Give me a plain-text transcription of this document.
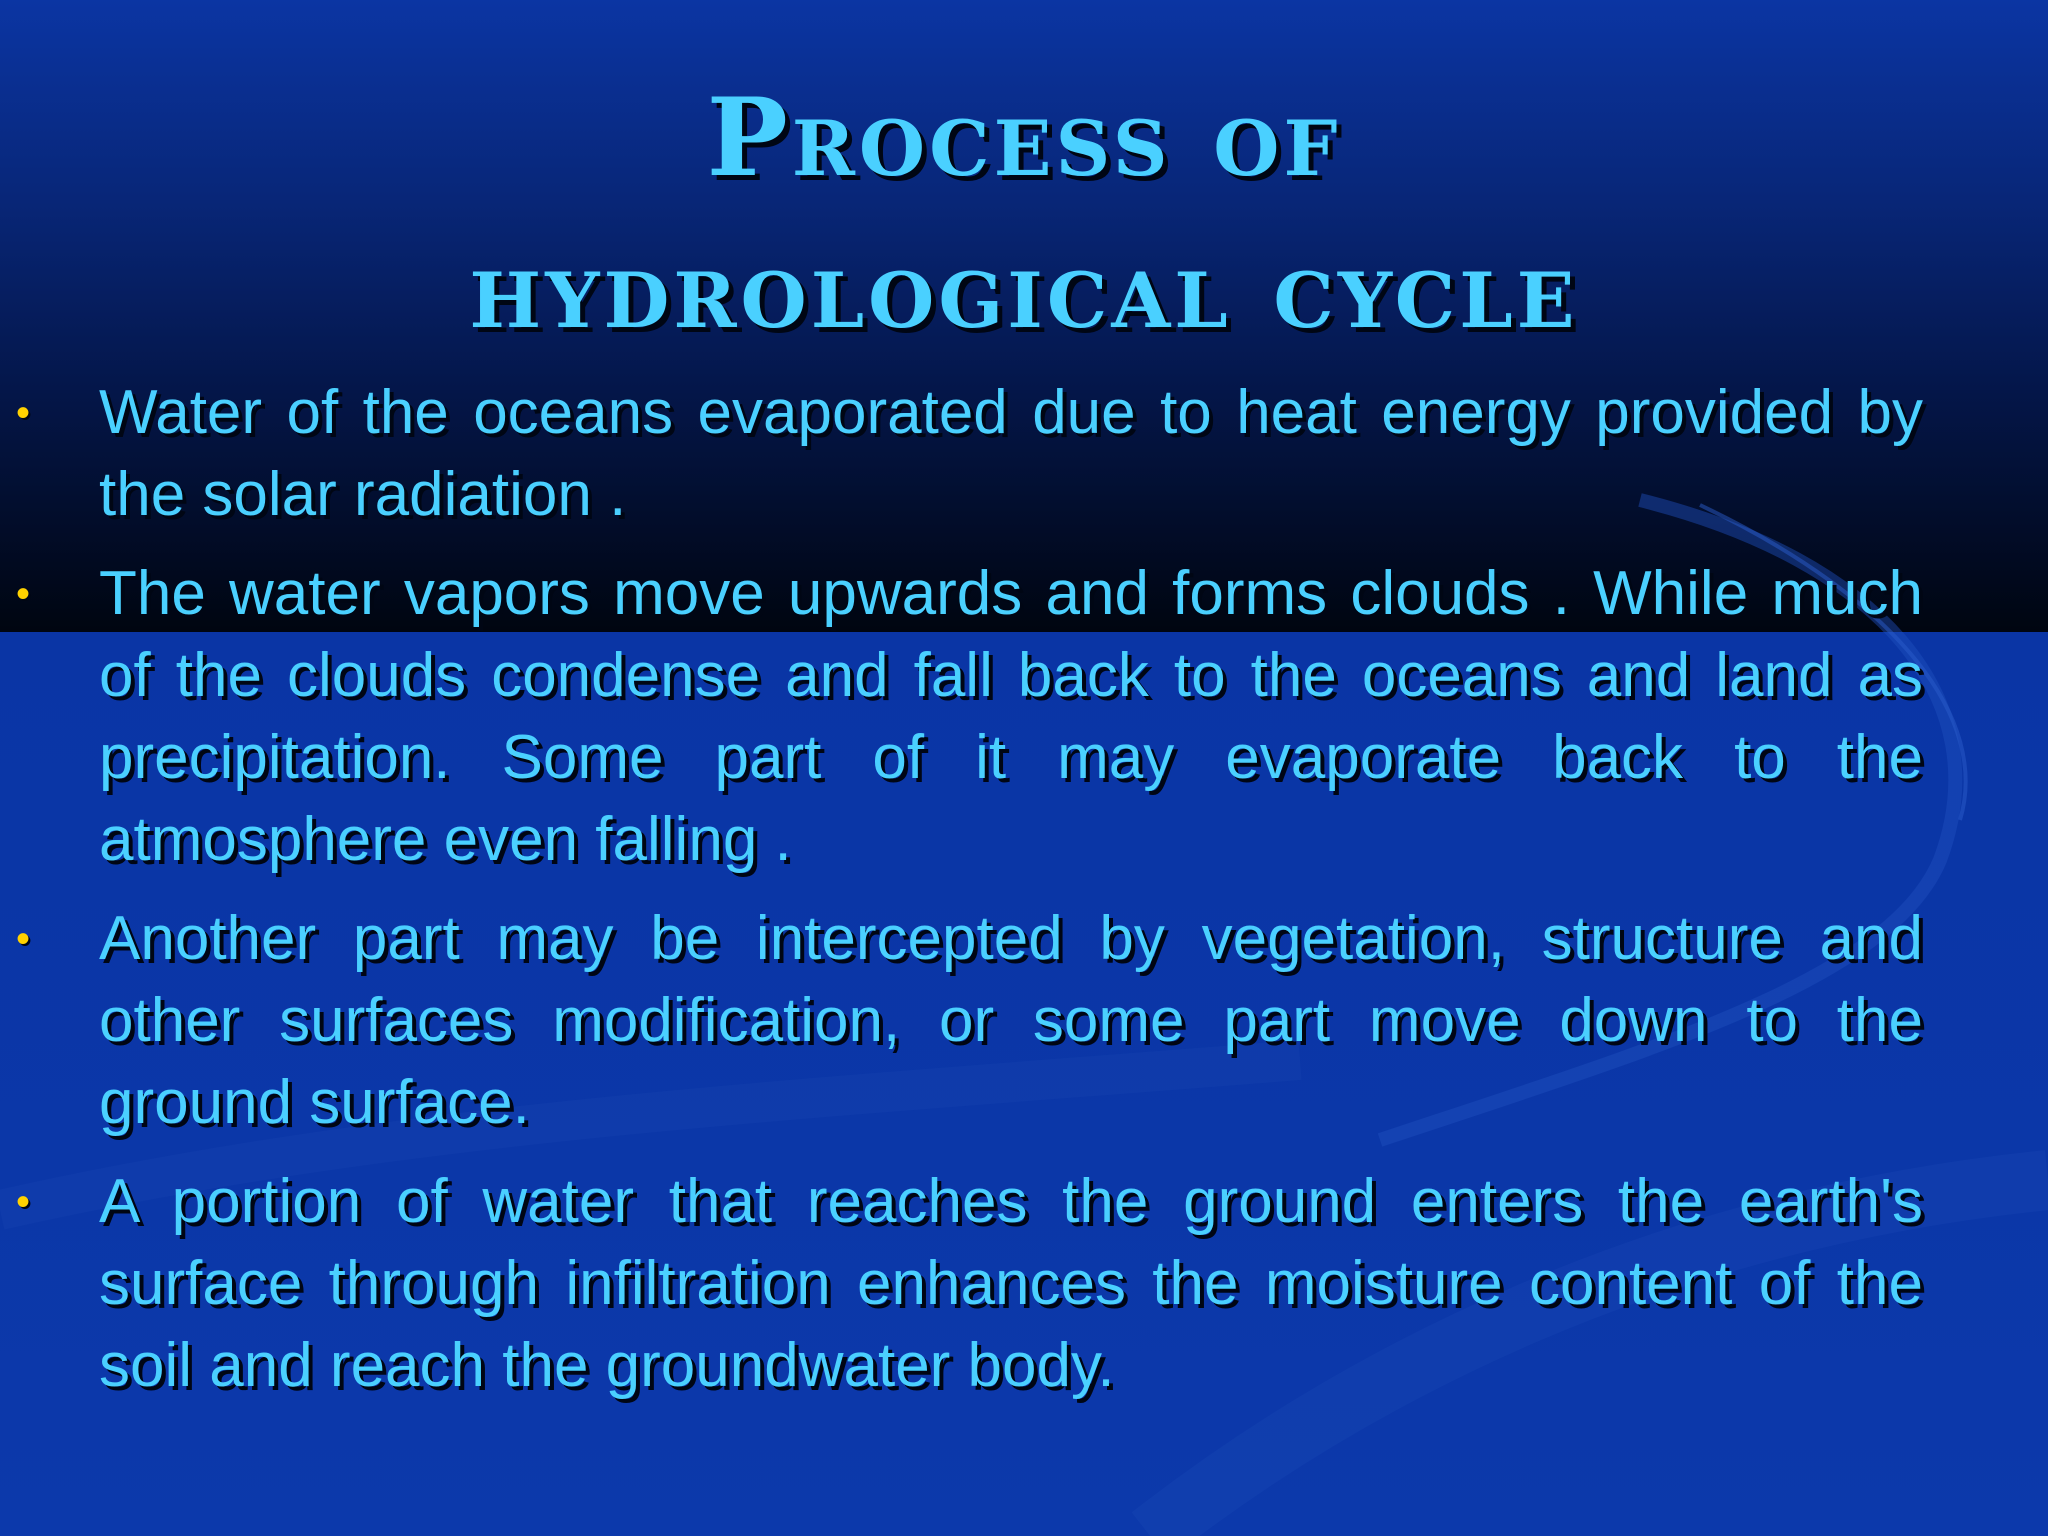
Process of
hydrological cycle
• Water of the oceans evaporated due to heat energy provided by the solar radiation .
• The water vapors move upwards and forms clouds . While much of the clouds condense and fall back to the oceans and land as precipitation. Some part of it may evaporate back to the atmosphere even falling .
• Another part may be intercepted by vegetation, structure and other surfaces modification, or some part move down to the ground surface.
• A portion of water that reaches the ground enters the earth's surface through infiltration enhances the moisture content of the soil and reach the groundwater body.
